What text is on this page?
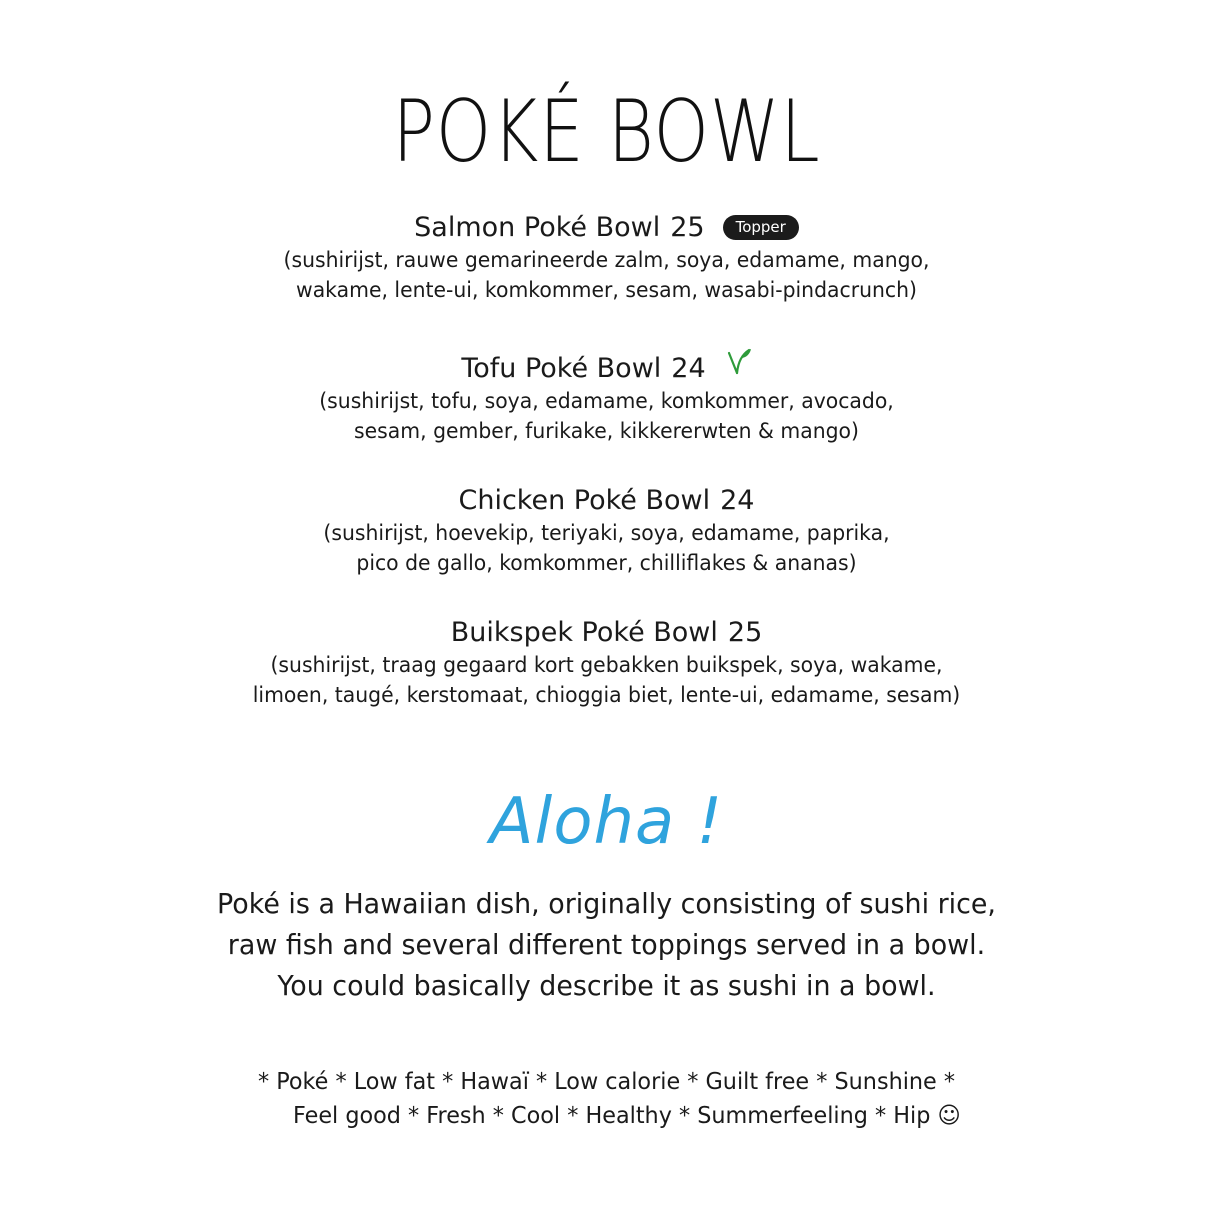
POKÉ BOWL
Salmon Poké Bowl 25 Topper
(sushirijst, rauwe gemarineerde zalm, soya, edamame, mango,
wakame, lente-ui, komkommer, sesam, wasabi-pindacrunch)
Tofu Poké Bowl 24
(sushirijst, tofu, soya, edamame, komkommer, avocado,
sesam, gember, furikake, kikkererwten & mango)
Chicken Poké Bowl 24
(sushirijst, hoevekip, teriyaki, soya, edamame, paprika,
pico de gallo, komkommer, chilliflakes & ananas)
Buikspek Poké Bowl 25
(sushirijst, traag gegaard kort gebakken buikspek, soya, wakame,
limoen, taugé, kerstomaat, chioggia biet, lente-ui, edamame, sesam)
Aloha !
Poké is a Hawaiian dish, originally consisting of sushi rice,
raw fish and several different toppings served in a bowl.
You could basically describe it as sushi in a bowl.
* Poké * Low fat * Hawaï * Low calorie * Guilt free * Sunshine *
Feel good * Fresh * Cool * Healthy * Summerfeeling * Hip ☺
